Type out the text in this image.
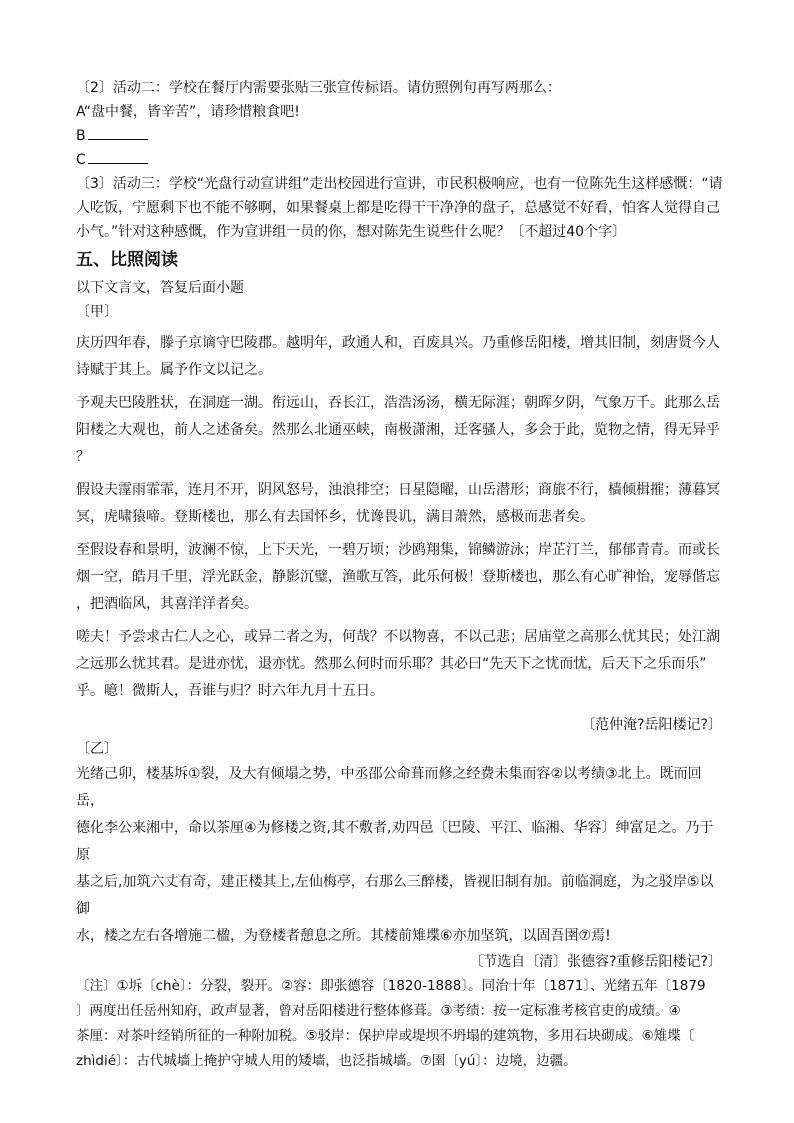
〔2〕活动二：学校在餐厅内需要张贴三张宣传标语。请仿照例句再写两那么：

A“盘中餐，皆辛苦”，请珍惜粮食吧!

B

C

〔3〕活动三：学校“光盘行动宣讲组”走出校园进行宣讲，市民积极响应，也有一位陈先生这样感慨：“请

人吃饭，宁愿剩下也不能不够啊，如果餐桌上都是吃得干干净净的盘子，总感觉不好看，怕客人觉得自己

小气。”针对这种感慨，作为宣讲组一员的你，想对陈先生说些什么呢？〔不超过40个字〕

五、比照阅读

以下文言文，答复后面小题

〔甲〕

庆历四年春，滕子京谪守巴陵郡。越明年，政通人和，百废具兴。乃重修岳阳楼，增其旧制，刻唐贤今人

诗赋于其上。属予作文以记之。

予观夫巴陵胜状，在洞庭一湖。衔远山，吞长江，浩浩汤汤，横无际涯；朝晖夕阴，气象万千。此那么岳

阳楼之大观也，前人之述备矣。然那么北通巫峡，南极潇湘，迁客骚人，多会于此，览物之情，得无异乎

？

假设夫霪雨霏霏，连月不开，阴风怒号，浊浪排空；日星隐曜，山岳潜形；商旅不行，樯倾楫摧；薄暮冥

冥，虎啸猿啼。登斯楼也，那么有去国怀乡，忧谗畏讥，满目萧然，感极而悲者矣。

至假设春和景明，波澜不惊，上下天光，一碧万顷；沙鸥翔集，锦鳞游泳；岸芷汀兰，郁郁青青。而或长

烟一空，皓月千里，浮光跃金，静影沉璧，渔歌互答，此乐何极！登斯楼也，那么有心旷神怡，宠辱偕忘

，把酒临风，其喜洋洋者矣。

嗟夫！予尝求古仁人之心，或异二者之为，何哉？不以物喜，不以己悲；居庙堂之高那么忧其民；处江湖

之远那么忧其君。是进亦忧，退亦忧。然那么何时而乐耶？其必曰“先天下之忧而忧，后天下之乐而乐”

乎。噫！微斯人，吾谁与归？时六年九月十五日。

〔范仲淹?岳阳楼记?〕

〔乙〕

光绪己卯，楼基坼①裂，及大有倾塌之势，中丞邵公命葺而修之经费未集而容②以考绩③北上。既而回岳，

德化李公来湘中，命以茶厘④为修楼之资,其不敷者,劝四邑〔巴陵、平江、临湘、华容〕绅富足之。乃于原

基之后,加筑六丈有奇，建正楼其上,左仙梅亭，右那么三醉楼，皆视旧制有加。前临洞庭，为之驳岸⑤以御

水，楼之左右各增施二楹，为登楼者憩息之所。其楼前雉堞⑥亦加坚筑，以固吾圉⑦焉!

〔节选自〔清〕张德容?重修岳阳楼记?〕

〔注〕①坼〔chè〕：分裂，裂开。②容：即张德容〔1820-1888〕。同治十年〔1871〕、光绪五年〔1879

〕两度出任岳州知府，政声显著，曾对岳阳楼进行整体修葺。③考绩：按一定标准考核官吏的成绩。④

茶厘：对茶叶经销所征的一种附加税。⑤驳岸：保护岸或堤坝不坍塌的建筑物，多用石块砌成。⑥雉堞〔

zhìdié〕：古代城墙上掩护守城人用的矮墙，也泛指城墙。⑦圉〔yú〕：边境，边疆。
